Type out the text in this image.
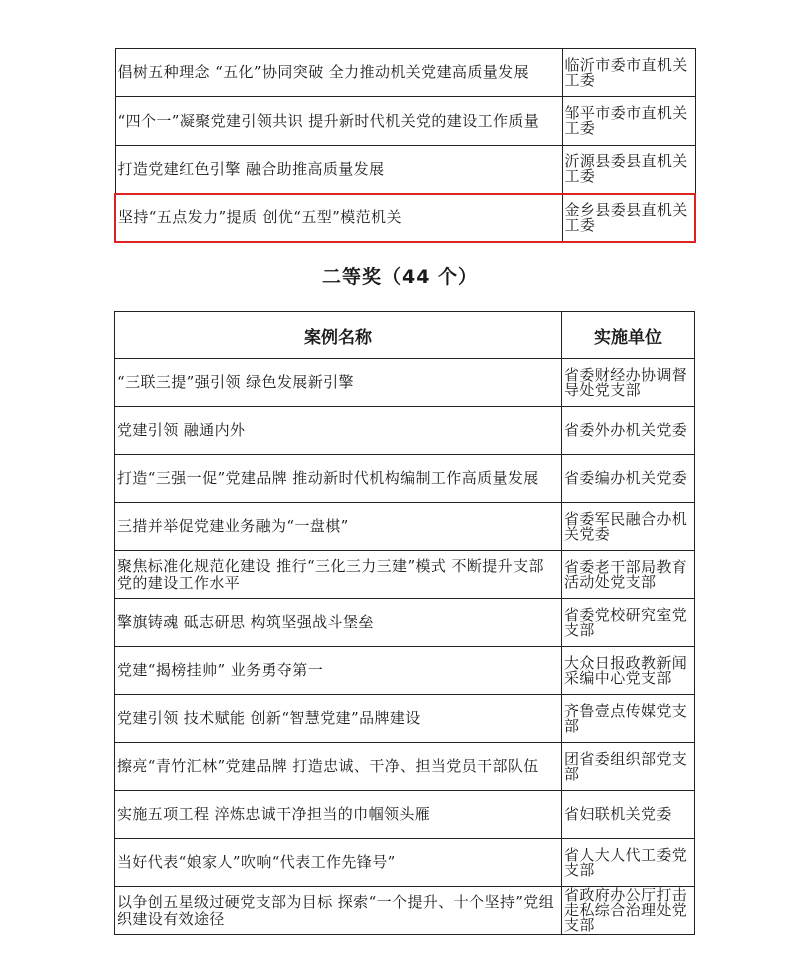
倡树五种理念 “五化”协同突破 全力推动机关党建高质量发展	临沂市委市直机关工委
“四个一”凝聚党建引领共识 提升新时代机关党的建设工作质量	邹平市委市直机关工委
打造党建红色引擎 融合助推高质量发展	沂源县委县直机关工委
坚持“五点发力”提质 创优“五型”模范机关	金乡县委县直机关工委
二等奖（44 个）
案例名称	实施单位
“三联三提”强引领 绿色发展新引擎	省委财经办协调督导处党支部
党建引领 融通内外	省委外办机关党委
打造“三强一促”党建品牌 推动新时代机构编制工作高质量发展	省委编办机关党委
三措并举促党建业务融为“一盘棋”	省委军民融合办机关党委
聚焦标准化规范化建设 推行“三化三力三建”模式 不断提升支部党的建设工作水平	省委老干部局教育活动处党支部
擎旗铸魂 砥志研思 构筑坚强战斗堡垒	省委党校研究室党支部
党建“揭榜挂帅” 业务勇夺第一	大众日报政教新闻采编中心党支部
党建引领 技术赋能 创新“智慧党建”品牌建设	齐鲁壹点传媒党支部
擦亮“青竹汇林”党建品牌 打造忠诚、干净、担当党员干部队伍	团省委组织部党支部
实施五项工程 淬炼忠诚干净担当的巾帼领头雁	省妇联机关党委
当好代表“娘家人”吹响“代表工作先锋号”	省人大人代工委党支部
以争创五星级过硬党支部为目标 探索“一个提升、十个坚持”党组织建设有效途径	省政府办公厅打击走私综合治理处党支部
